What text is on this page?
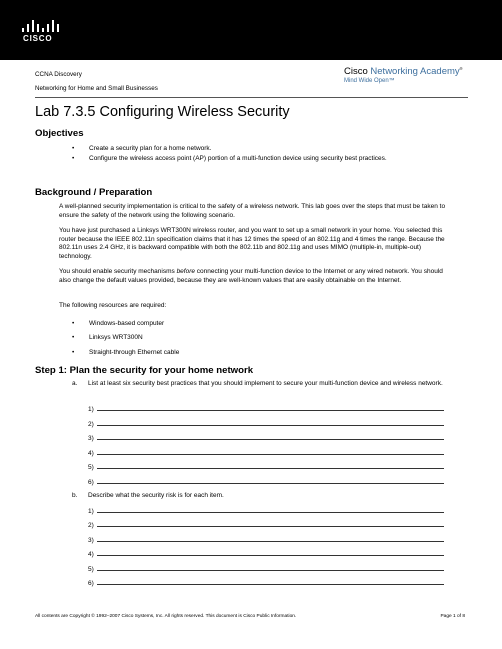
CISCO
CCNA Discovery
Networking for Home and Small Businesses
Cisco Networking Academy®
Mind Wide Open™
Lab 7.3.5 Configuring Wireless Security
Objectives
• Create a security plan for a home network.
• Configure the wireless access point (AP) portion of a multi-function device using security best practices.
Background / Preparation
A well-planned security implementation is critical to the safety of a wireless network. This lab goes over the steps that must be taken to ensure the safety of the network using the following scenario.
You have just purchased a Linksys WRT300N wireless router, and you want to set up a small network in your home. You selected this router because the IEEE 802.11n specification claims that it has 12 times the speed of an 802.11g and 4 times the range. Because the 802.11n uses 2.4 GHz, it is backward compatible with both the 802.11b and 802.11g and uses MIMO (multiple-in, multiple-out) technology.
You should enable security mechanisms before connecting your multi-function device to the Internet or any wired network. You should also change the default values provided, because they are well-known values that are easily obtainable on the Internet.
The following resources are required:
• Windows-based computer
• Linksys WRT300N
• Straight-through Ethernet cable
Step 1: Plan the security for your home network
a. List at least six security best practices that you should implement to secure your multi-function device and wireless network.
1)
2)
3)
4)
5)
6)
b. Describe what the security risk is for each item.
1)
2)
3)
4)
5)
6)
All contents are Copyright © 1992–2007 Cisco Systems, Inc. All rights reserved. This document is Cisco Public Information.	Page 1 of 8
